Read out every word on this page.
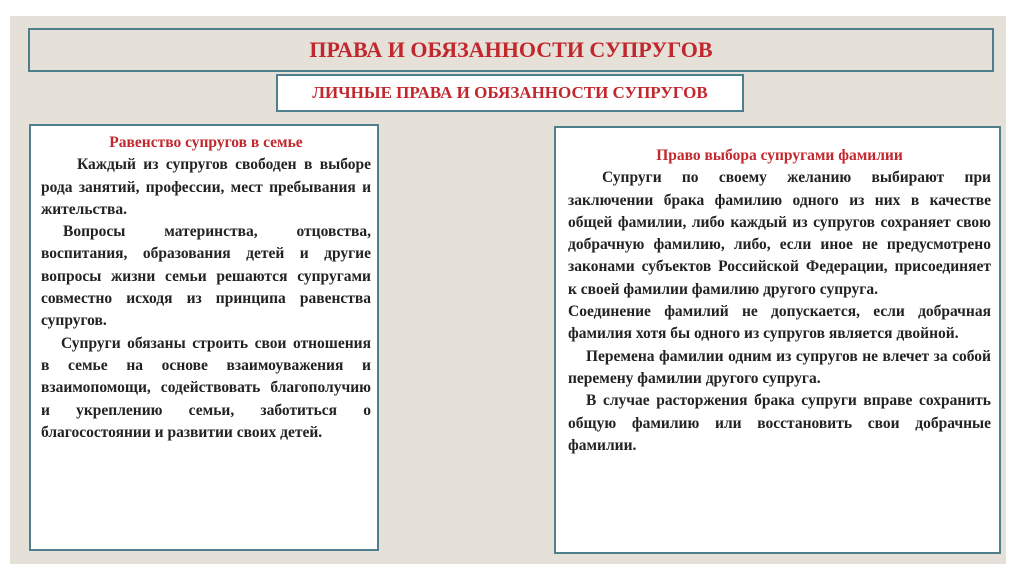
ПРАВА И ОБЯЗАННОСТИ СУПРУГОВ
ЛИЧНЫЕ ПРАВА И ОБЯЗАННОСТИ СУПРУГОВ
Равенство супругов в семье

Каждый из супругов свободен в выборе рода занятий, профессии, мест пребывания и жительства.

Вопросы материнства, отцовства, воспитания, образования детей и другие вопросы жизни семьи решаются супругами совместно исходя из принципа равенства супругов.

Супруги обязаны строить свои отношения в семье на основе взаимоуважения и взаимопомощи, содействовать благополучию и укреплению семьи, заботиться о благосостоянии и развитии своих детей.

Право выбора супругами фамилии

Супруги по своему желанию выбирают при заключении брака фамилию одного из них в качестве общей фамилии, либо каждый из супругов сохраняет свою добрачную фамилию, либо, если иное не предусмотрено законами субъектов Российской Федерации, присоединяет к своей фамилии фамилию другого супруга.

Соединение фамилий не допускается, если добрачная фамилия хотя бы одного из супругов является двойной.

Перемена фамилии одним из супругов не влечет за собой перемену фамилии другого супруга.

В случае расторжения брака супруги вправе сохранить общую фамилию или восстановить свои добрачные фамилии.
